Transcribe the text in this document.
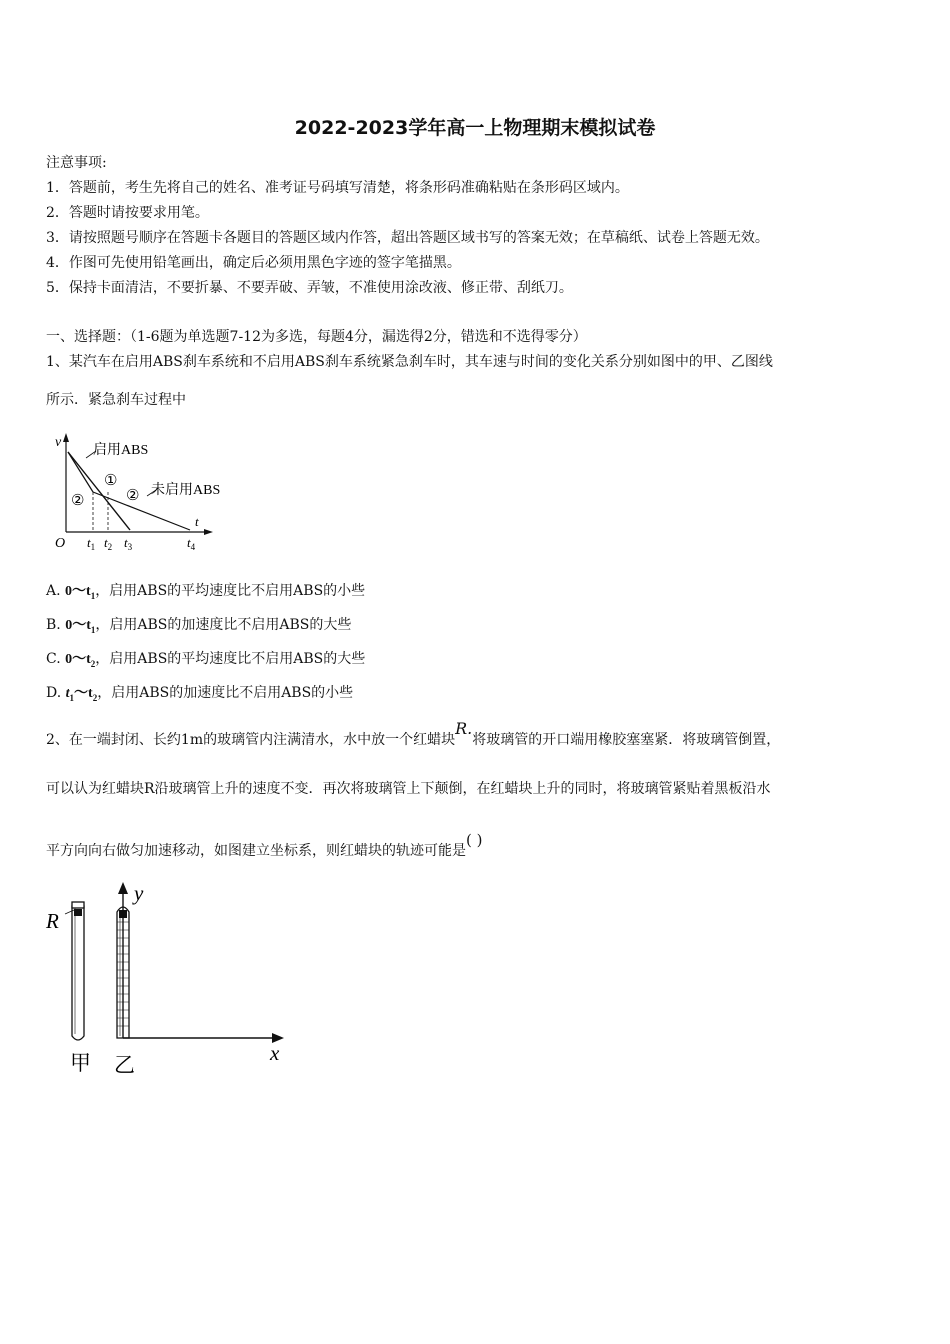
2022-2023学年高一上物理期末模拟试卷
注意事项:
1．答题前，考生先将自己的姓名、准考证号码填写清楚，将条形码准确粘贴在条形码区域内。
2．答题时请按要求用笔。
3．请按照题号顺序在答题卡各题目的答题区域内作答，超出答题区域书写的答案无效；在草稿纸、试卷上答题无效。
4．作图可先使用铅笔画出，确定后必须用黑色字迹的签字笔描黑。
5．保持卡面清洁，不要折暴、不要弄破、弄皱，不准使用涂改液、修正带、刮纸刀。
一、选择题：（1-6题为单选题7-12为多选，每题4分，漏选得2分，错选和不选得零分）
1、某汽车在启用ABS刹车系统和不启用ABS刹车系统紧急刹车时，其车速与时间的变化关系分别如图中的甲、乙图线
所示．紧急刹车过程中
v
启用ABS
①
②	② 未启用ABS
t
O $t_1$ $t_2$ $t_3$	$t_4$
A. $0\sim t_1$，启用ABS的平均速度比不启用ABS的小些
B. $0\sim t_1$，启用ABS的加速度比不启用ABS的大些
C. $0\sim t_2$，启用ABS的平均速度比不启用ABS的大些
D. $t_1\sim t_2$，启用ABS的加速度比不启用ABS的小些
2、在一端封闭、长约1m的玻璃管内注满清水，水中放一个红蜡块R.将玻璃管的开口端用橡胶塞塞紧．将玻璃管倒置，
可以认为红蜡块R沿玻璃管上升的速度不变．再次将玻璃管上下颠倒，在红蜡块上升的同时，将玻璃管紧贴着黑板沿水
平方向向右做匀加速移动，如图建立坐标系，则红蜡块的轨迹可能是( )
R
甲
y
x
乙
